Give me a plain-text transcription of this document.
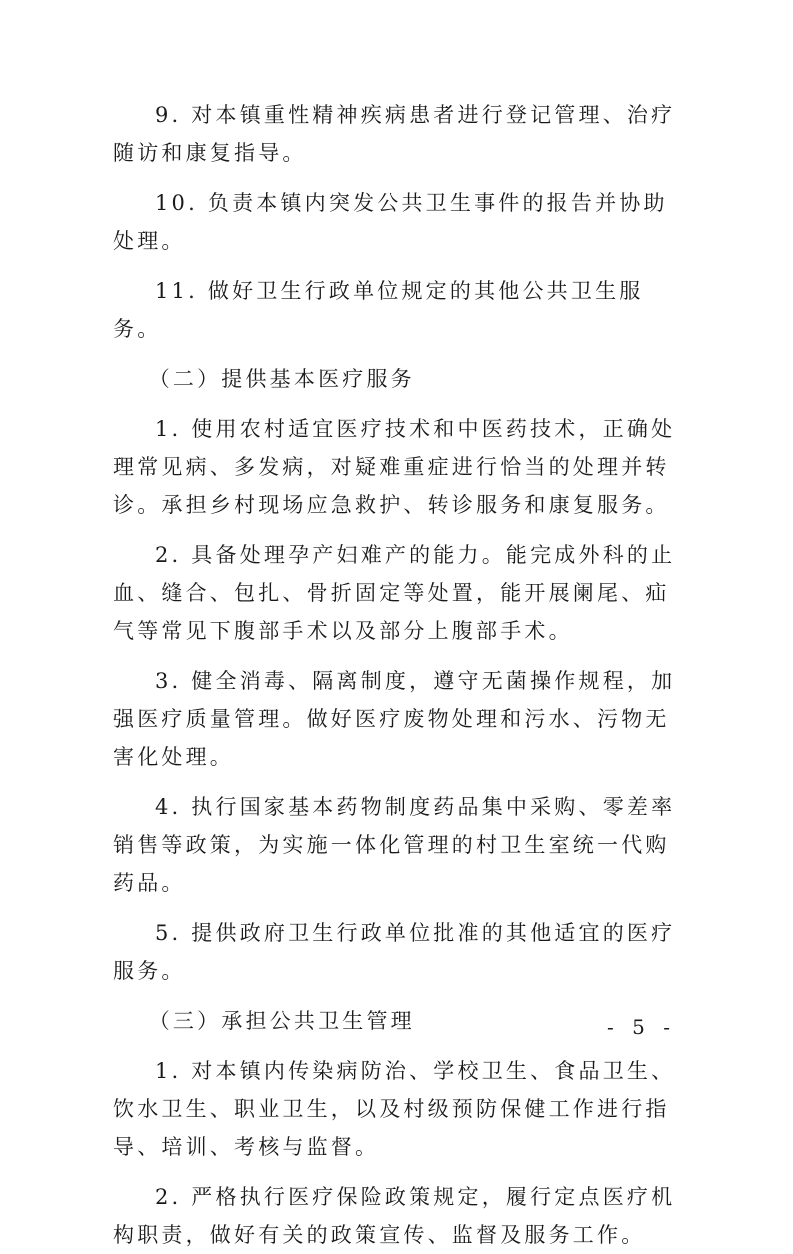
9. 对本镇重性精神疾病患者进行登记管理、治疗随访和康复指导。

10. 负责本镇内突发公共卫生事件的报告并协助处理。

11. 做好卫生行政单位规定的其他公共卫生服务。

（二）提供基本医疗服务

1. 使用农村适宜医疗技术和中医药技术，正确处理常见病、多发病，对疑难重症进行恰当的处理并转诊。承担乡村现场应急救护、转诊服务和康复服务。

2. 具备处理孕产妇难产的能力。能完成外科的止血、缝合、包扎、骨折固定等处置，能开展阑尾、疝气等常见下腹部手术以及部分上腹部手术。

3. 健全消毒、隔离制度，遵守无菌操作规程，加强医疗质量管理。做好医疗废物处理和污水、污物无害化处理。

4. 执行国家基本药物制度药品集中采购、零差率销售等政策，为实施一体化管理的村卫生室统一代购药品。

5. 提供政府卫生行政单位批准的其他适宜的医疗服务。

（三）承担公共卫生管理

1. 对本镇内传染病防治、学校卫生、食品卫生、饮水卫生、职业卫生，以及村级预防保健工作进行指导、培训、考核与监督。

2. 严格执行医疗保险政策规定，履行定点医疗机构职责，做好有关的政策宣传、监督及服务工作。

- 5 -
